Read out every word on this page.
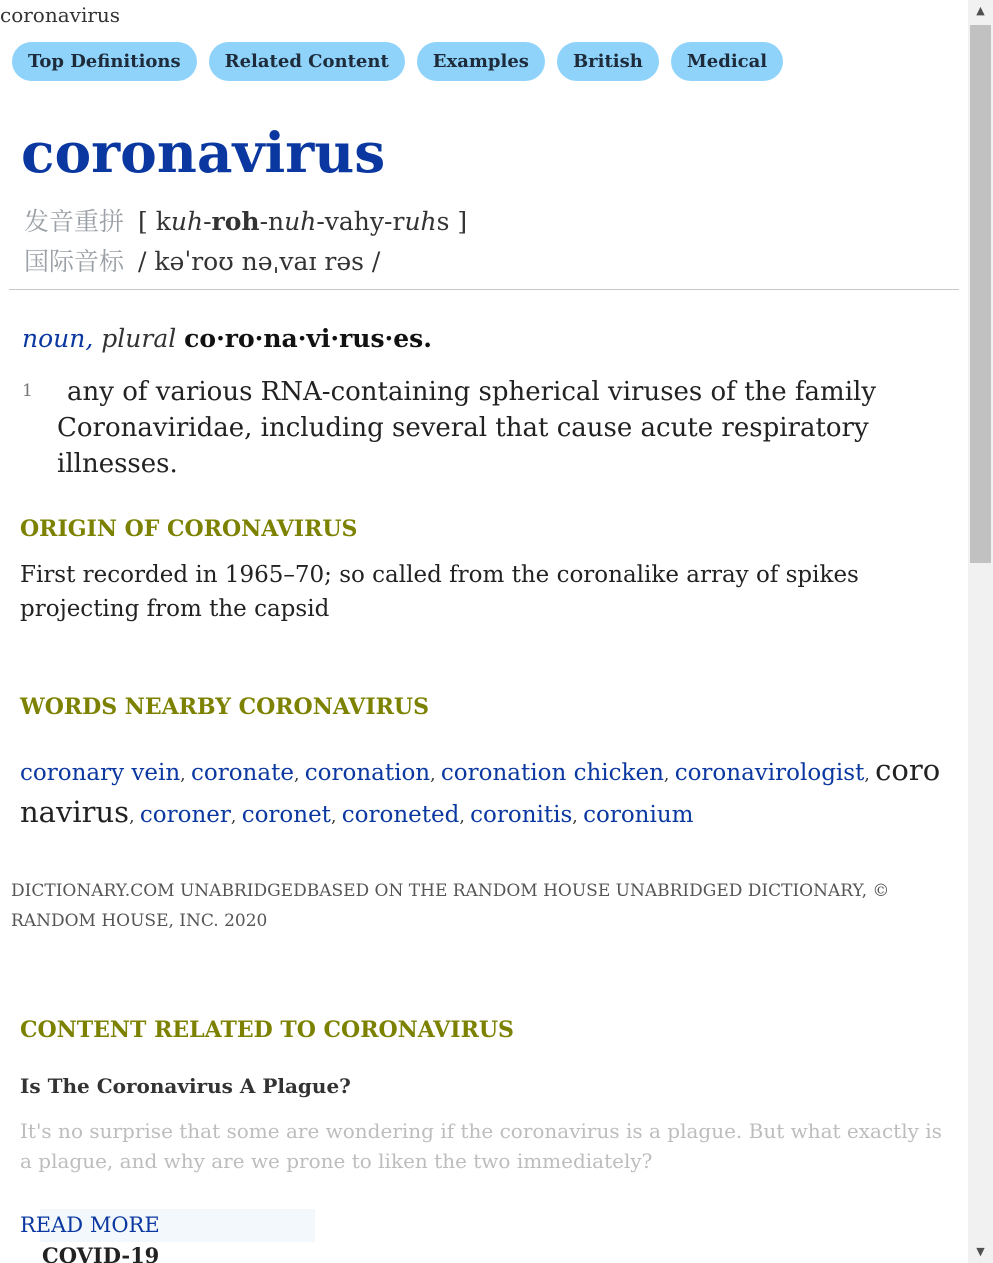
coronavirus
Top Definitions	Related Content	Examples	British	Medical
coronavirus
发音重拼 [ kuh-roh-nuh-vahy-ruhs ]
国际音标 / kəˈroʊ nəˌvaɪ rəs /
noun, plural co·ro·na·vi·rus·es.
1	any of various RNA-containing spherical viruses of the family Coronaviridae, including several that cause acute respiratory illnesses.
ORIGIN OF CORONAVIRUS

First recorded in 1965–70; so called from the coronalike array of spikes projecting from the capsid

WORDS NEARBY CORONAVIRUS
coronary vein, coronate, coronation, coronation chicken, coronavirologist, coronavirus, coroner, coronet, coroneted, coronitis, coronium
DICTIONARY.COM UNABRIDGEDBASED ON THE RANDOM HOUSE UNABRIDGED DICTIONARY, © RANDOM HOUSE, INC. 2020
CONTENT RELATED TO CORONAVIRUS
Is The Coronavirus A Plague?

It's no surprise that some are wondering if the coronavirus is a plague. But what exactly is a plague, and why are we prone to liken the two immediately?

READ MORE
COVID-19
▲
▼
